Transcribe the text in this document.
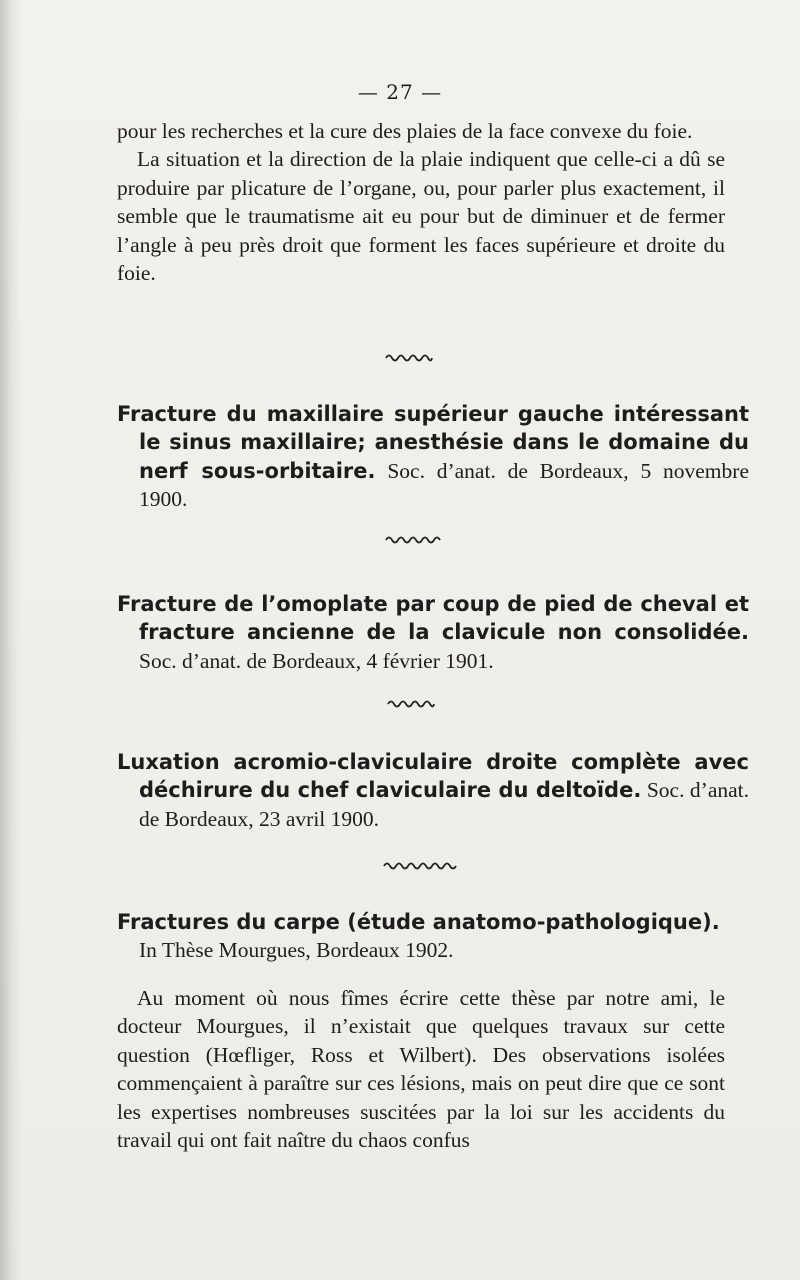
— 27 —

pour les recherches et la cure des plaies de la face convexe du foie.

La situation et la direction de la plaie indiquent que celle-ci a dû se produire par plicature de l’organe, ou, pour parler plus exactement, il semble que le traumatisme ait eu pour but de diminuer et de fermer l’angle à peu près droit que forment les faces supérieure et droite du foie.

Fracture du maxillaire supérieur gauche intéressant le sinus maxillaire; anesthésie dans le domaine du nerf sous-orbitaire. Soc. d’anat. de Bordeaux, 5 novembre 1900.
Fracture de l’omoplate par coup de pied de cheval et fracture ancienne de la clavicule non consolidée. Soc. d’anat. de Bordeaux, 4 février 1901.
Luxation acromio-claviculaire droite complète avec déchirure du chef claviculaire du deltoïde. Soc. d’anat. de Bordeaux, 23 avril 1900.
Fractures du carpe (étude anatomo-pathologique).
In Thèse Mourgues, Bordeaux 1902.

Au moment où nous fîmes écrire cette thèse par notre ami, le docteur Mourgues, il n’existait que quelques travaux sur cette question (Hœfliger, Ross et Wilbert). Des observations isolées commençaient à paraître sur ces lésions, mais on peut dire que ce sont les expertises nombreuses suscitées par la loi sur les accidents du travail qui ont fait naître du chaos confus
